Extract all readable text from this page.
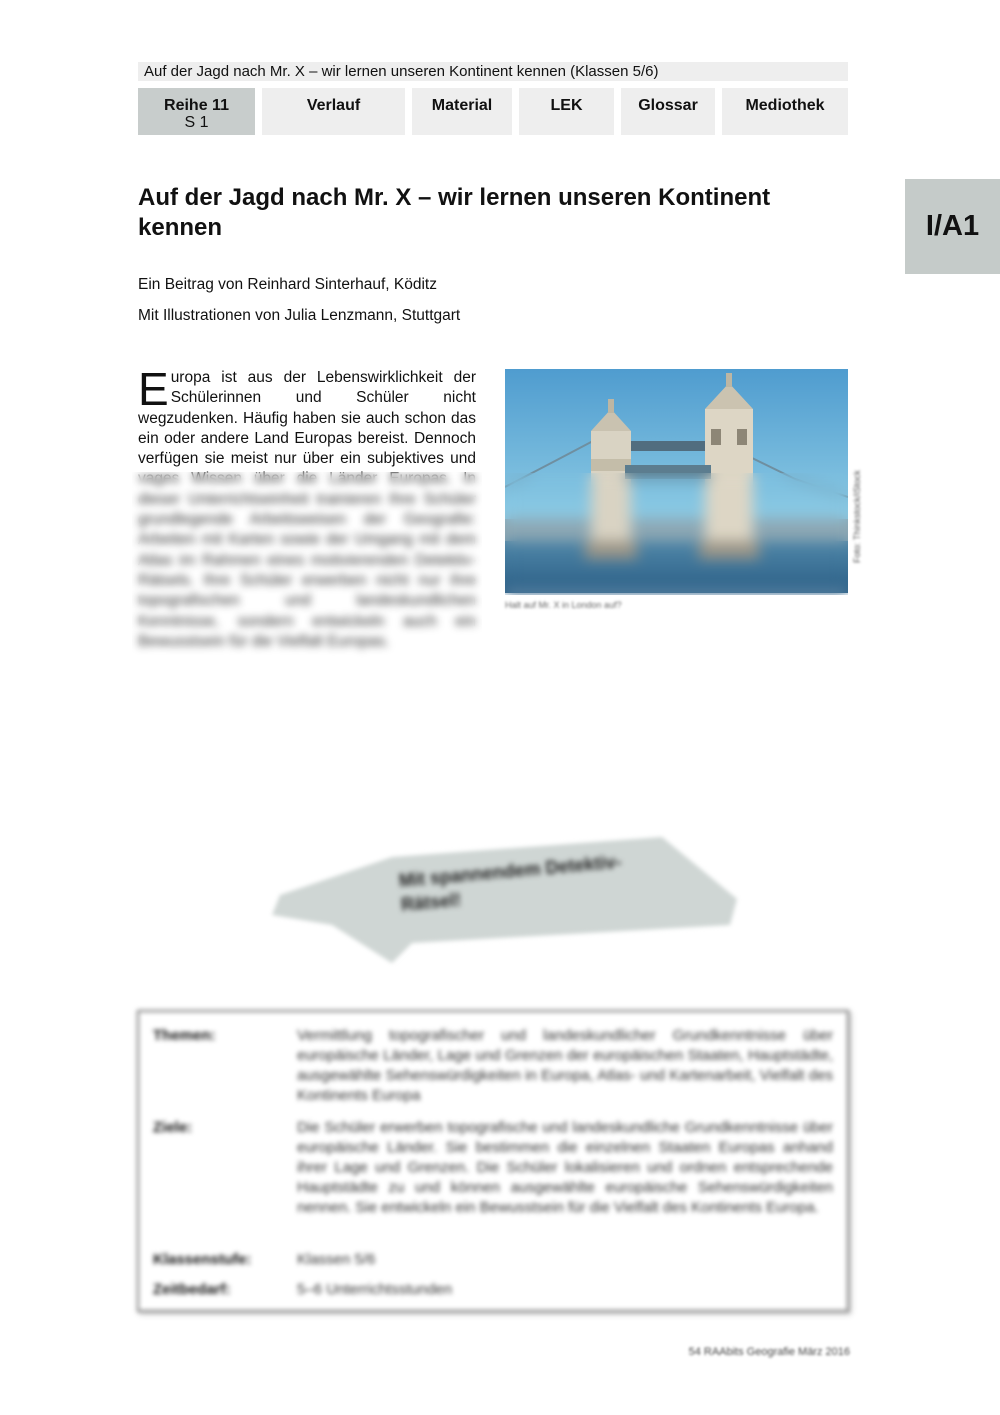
Auf der Jagd nach Mr. X – wir lernen unseren Kontinent kennen (Klassen 5/6)
Reihe 11
S 1
Verlauf	Material	LEK	Glossar	Mediothek
I/A1
Auf der Jagd nach Mr. X – wir lernen unseren Kontinent kennen
Ein Beitrag von Reinhard Sinterhauf, Köditz
Mit Illustrationen von Julia Lenzmann, Stuttgart

Europa ist aus der Lebenswirklichkeit der Schülerinnen und Schüler nicht wegzudenken. Häufig haben sie auch schon das ein oder andere Land Europas bereist. Dennoch verfügen sie meist nur über ein subjektives und vages Wissen über die Länder Europas. In dieser Unterrichtseinheit trainieren Ihre Schüler grundlegende Arbeitsweisen der Geografie: Arbeiten mit Karten sowie der Umgang mit dem Atlas im Rahmen eines motivierenden Detektiv-Rätsels. Ihre Schüler erwerben nicht nur ihre topografischen und landeskundlichen Kenntnisse, sondern entwickeln auch ein Bewusstsein für die Vielfalt Europas.

Foto: Thinkstock/iStock
Halt auf Mr. X in London auf?
Mit spannendem Detektiv-Rätsel!
Themen:	Vermittlung topografischer und landeskundlicher Grundkenntnisse über europäische Länder, Lage und Grenzen der europäischen Staaten, Hauptstädte, ausgewählte Sehenswürdigkeiten in Europa, Atlas- und Kartenarbeit, Vielfalt des Kontinents Europa
Ziele:	Die Schüler erwerben topografische und landeskundliche Grundkenntnisse über europäische Länder. Sie bestimmen die einzelnen Staaten Europas anhand ihrer Lage und Grenzen. Die Schüler lokalisieren und ordnen entsprechende Hauptstädte zu und können ausgewählte europäische Sehenswürdigkeiten nennen. Sie entwickeln ein Bewusstsein für die Vielfalt des Kontinents Europa.
Klassenstufe:	Klassen 5/6
Zeitbedarf:	5–6 Unterrichtsstunden
54 RAAbits Geografie März 2016
